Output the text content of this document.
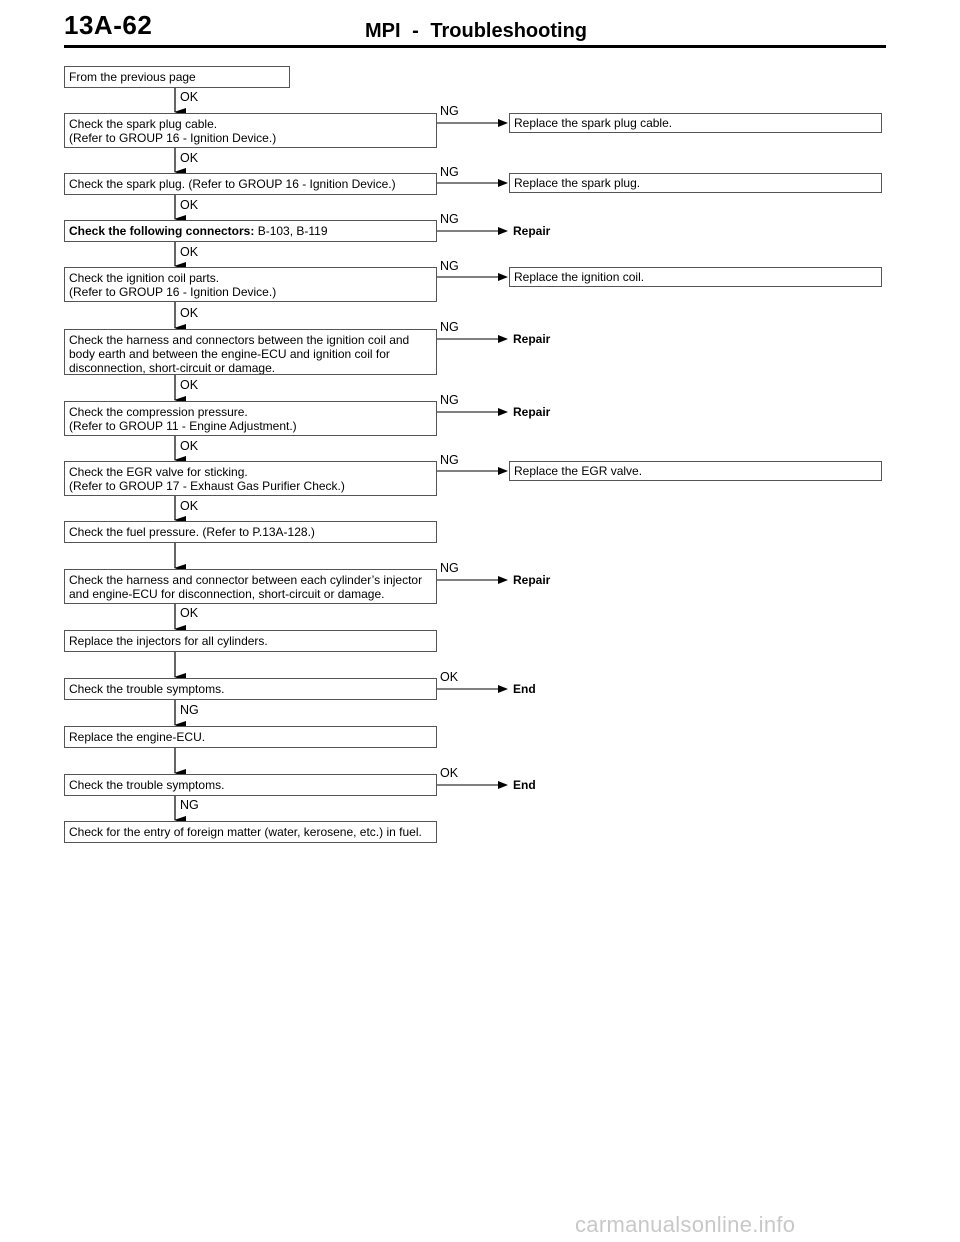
13A-62	MPI - Troubleshooting
From the previous page
Check the spark plug cable.
(Refer to GROUP 16 - Ignition Device.)
Check the spark plug. (Refer to GROUP 16 - Ignition Device.)
Check the following connectors: B-103, B-119
Check the ignition coil parts.
(Refer to GROUP 16 - Ignition Device.)
Check the harness and connectors between the ignition coil and
body earth and between the engine-ECU and ignition coil for
disconnection, short-circuit or damage.
Check the compression pressure.
(Refer to GROUP 11 - Engine Adjustment.)
Check the EGR valve for sticking.
(Refer to GROUP 17 - Exhaust Gas Purifier Check.)
Check the fuel pressure. (Refer to P.13A-128.)
Check the harness and connector between each cylinder’s injector
and engine-ECU for disconnection, short-circuit or damage.
Replace the injectors for all cylinders.
Check the trouble symptoms.
Replace the engine-ECU.
Check the trouble symptoms.
Check for the entry of foreign matter (water, kerosene, etc.) in fuel.
OK
OK
OK
OK
OK
OK
OK
OK
OK
NG
NG
NG
NG
NG
NG
NG
NG
NG
NG
OK
OK
Replace the spark plug cable.
Replace the spark plug.
Repair
Replace the ignition coil.
Repair
Repair
Replace the EGR valve.
Repair
End
End
carmanualsonline.info
